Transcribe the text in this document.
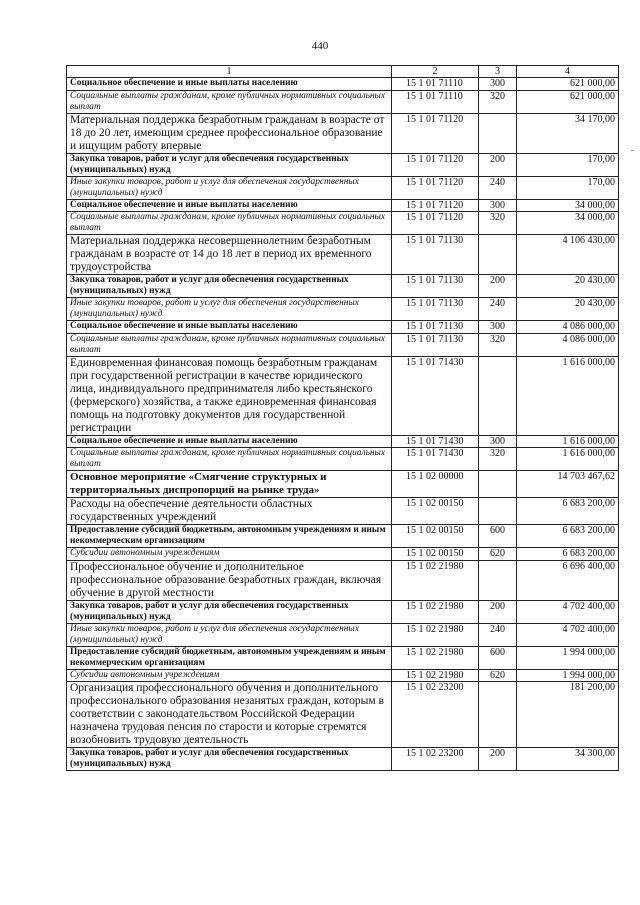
440
1	2	3	4
Социальное обеспечение и иные выплаты населению	15 1 01 71110	300	621 000,00
Социальные выплаты гражданам, кроме публичных нормативных социальных выплат	15 1 01 71110	320	621 000,00
Материальная поддержка безработным гражданам в возрасте от 18 до 20 лет, имеющим среднее профессиональное образование и ищущим работу впервые	15 1 01 71120		34 170,00
Закупка товаров, работ и услуг для обеспечения государственных (муниципальных) нужд	15 1 01 71120	200	170,00
Иные закупки товаров, работ и услуг для обеспечения государственных (муниципальных) нужд	15 1 01 71120	240	170,00
Социальное обеспечение и иные выплаты населению	15 1 01 71120	300	34 000,00
Социальные выплаты гражданам, кроме публичных нормативных социальных выплат	15 1 01 71120	320	34 000,00
Материальная поддержка несовершеннолетним безработным гражданам в возрасте от 14 до 18 лет в период их временного трудоустройства	15 1 01 71130		4 106 430,00
Закупка товаров, работ и услуг для обеспечения государственных (муниципальных) нужд	15 1 01 71130	200	20 430,00
Иные закупки товаров, работ и услуг для обеспечения государственных (муниципальных) нужд	15 1 01 71130	240	20 430,00
Социальное обеспечение и иные выплаты населению	15 1 01 71130	300	4 086 000,00
Социальные выплаты гражданам, кроме публичных нормативных социальных выплат	15 1 01 71130	320	4 086 000,00
Единовременная финансовая помощь безработным гражданам при государственной регистрации в качестве юридического лица, индивидуального предпринимателя либо крестьянского (фермерского) хозяйства, а также единовременная финансовая помощь на подготовку документов для государственной регистрации	15 1 01 71430		1 616 000,00
Социальное обеспечение и иные выплаты населению	15 1 01 71430	300	1 616 000,00
Социальные выплаты гражданам, кроме публичных нормативных социальных выплат	15 1 01 71430	320	1 616 000,00
Основное мероприятие «Смягчение структурных и территориальных диспропорций на рынке труда»	15 1 02 00000		14 703 467,62
Расходы на обеспечение деятельности областных государственных учреждений	15 1 02 00150		6 683 200,00
Предоставление субсидий бюджетным, автономным учреждениям и иным некоммерческим организациям	15 1 02 00150	600	6 683 200,00
Субсидии автономным учреждениям	15 1 02 00150	620	6 683 200,00
Профессиональное обучение и дополнительное профессиональное образование безработных граждан, включая обучение в другой местности	15 1 02 21980		6 696 400,00
Закупка товаров, работ и услуг для обеспечения государственных (муниципальных) нужд	15 1 02 21980	200	4 702 400,00
Иные закупки товаров, работ и услуг для обеспечения государственных (муниципальных) нужд	15 1 02 21980	240	4 702 400,00
Предоставление субсидий бюджетным, автономным учреждениям и иным некоммерческим организациям	15 1 02 21980	600	1 994 000,00
Субсидии автономным учреждениям	15 1 02 21980	620	1 994 000,00
Организация профессионального обучения и дополнительного профессионального образования незанятых граждан, которым в соответствии с законодательством Российской Федерации назначена трудовая пенсия по старости и которые стремятся возобновить трудовую деятельность	15 1 02 23200		181 200,00
Закупка товаров, работ и услуг для обеспечения государственных (муниципальных) нужд	15 1 02 23200	200	34 300,00
